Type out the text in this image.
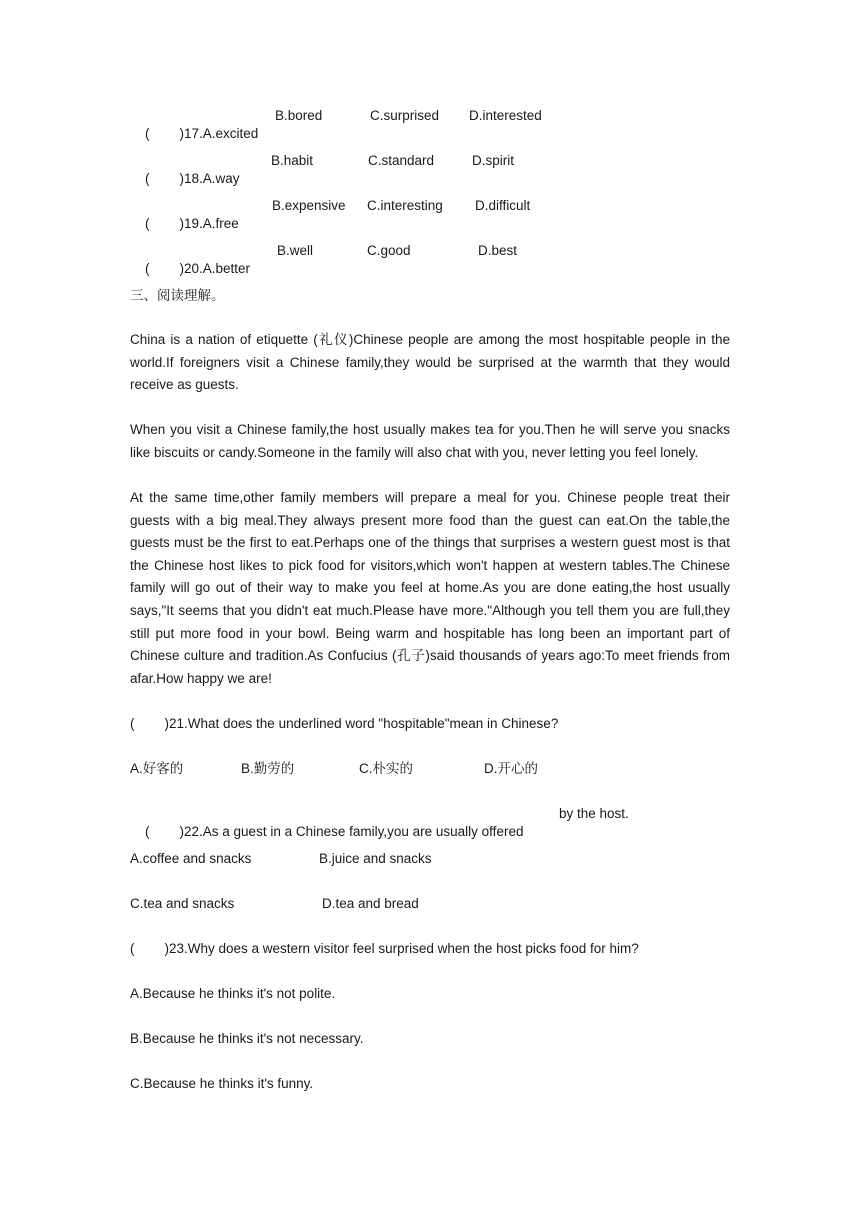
(        )17.A.excited

B.bored

	C.surprised

D.interested

(        )18.A.way

B.habit

	C.standard

	D.spirit

(        )19.A.free

B.expensive

C.interesting

D.difficult

(        )20.A.better

B.well

	C.good

	D.best

三、阅读理解。
China is a nation of etiquette (礼仪)Chinese people are among the most hospitable people in the world.If foreigners visit a Chinese family,they would be surprised at the warmth that they would receive as guests.
When you visit a Chinese family,the host usually makes tea for you.Then he will serve you snacks like biscuits or candy.Someone in the family will also chat with you, never letting you feel lonely.
At the same time,other family members will prepare a meal for you. Chinese people treat their guests with a big meal.They always present more food than the guest can eat.On the table,the guests must be the first to eat.Perhaps one of the things that surprises a western guest most is that the Chinese host likes to pick food for visitors,which won't happen at western tables.The Chinese family will go out of their way to make you feel at home.As you are done eating,the host usually says,"It seems that you didn't eat much.Please have more."Although you tell them you are full,they still put more food in your bowl. Being warm and hospitable has long been an important part of Chinese culture and tradition.As Confucius (孔子)said thousands of years ago:To meet friends from afar.How happy we are!
(        )21.What does the underlined word "hospitable"mean in Chinese?

A.好客的

	B.勤劳的

	C.朴实的

	D.开心的

(        )22.As a guest in a Chinese family,you are usually offered

by the host.

A.coffee and snacks

	B.juice and snacks

C.tea and snacks

	D.tea and bread

(        )23.Why does a western visitor feel surprised when the host picks food for him?
A.Because he thinks it's not polite.
B.Because he thinks it's not necessary.
C.Because he thinks it's funny.
